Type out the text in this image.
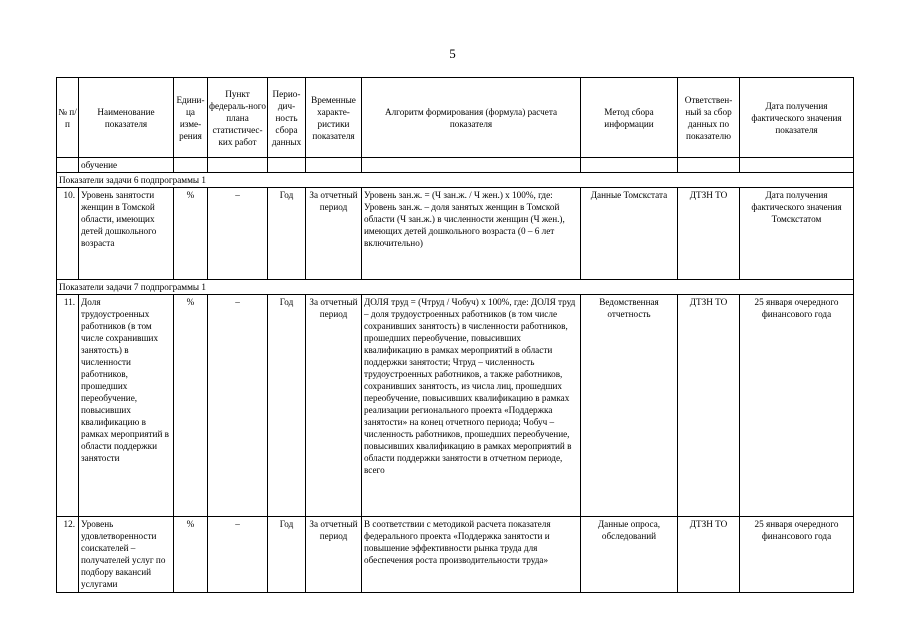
5
№ п/п	Наименование показателя	Едини-ца изме-рения	Пункт федераль-ного плана статистичес-ких работ	Перио-дич-ность сбора данных	Временные характе-ристики показателя	Алгоритм формирования (формула) расчета показателя	Метод сбора информации	Ответствен-ный за сбор данных по показателю	Дата получения фактического значения показателя
	обучение								
Показатели задачи 6 подпрограммы 1									
10.	Уровень занятости женщин в Томской области, имеющих детей дошкольного возраста	%	–	Год	За отчетный период	Уровень зан.ж. = (Ч зан.ж. / Ч жен.) х 100%, где: Уровень зан.ж. – доля занятых женщин в Томской области (Ч зан.ж.) в численности женщин (Ч жен.), имеющих детей дошкольного возраста (0 – 6 лет включительно)	Данные Томскстата	ДТЗН ТО	Дата получения фактического значения Томскстатом
Показатели задачи 7 подпрограммы 1									
11.	Доля трудоустроенных работников (в том числе сохранивших занятость) в численности работников, прошедших переобучение, повысивших квалификацию в рамках мероприятий в области поддержки занятости	%	–	Год	За отчетный период	ДОЛЯ труд = (Чтруд / Чобуч) х 100%, где: ДОЛЯ труд – доля трудоустроенных работников (в том числе сохранивших занятость) в численности работников, прошедших переобучение, повысивших квалификацию в рамках мероприятий в области поддержки занятости; Чтруд – численность трудоустроенных работников, а также работников, сохранивших занятость, из числа лиц, прошедших переобучение, повысивших квалификацию в рамках реализации регионального проекта «Поддержка занятости» на конец отчетного периода; Чобуч – численность работников, прошедших переобучение, повысивших квалификацию в рамках мероприятий в области поддержки занятости в отчетном периоде, всего	Ведомственная отчетность	ДТЗН ТО	25 января очередного финансового года
12.	Уровень удовлетворенности соискателей – получателей услуг по подбору вакансий услугами	%	–	Год	За отчетный период	В соответствии с методикой расчета показателя федерального проекта «Поддержка занятости и повышение эффективности рынка труда для обеспечения роста производительности труда»	Данные опроса, обследований	ДТЗН ТО	25 января очередного финансового года
